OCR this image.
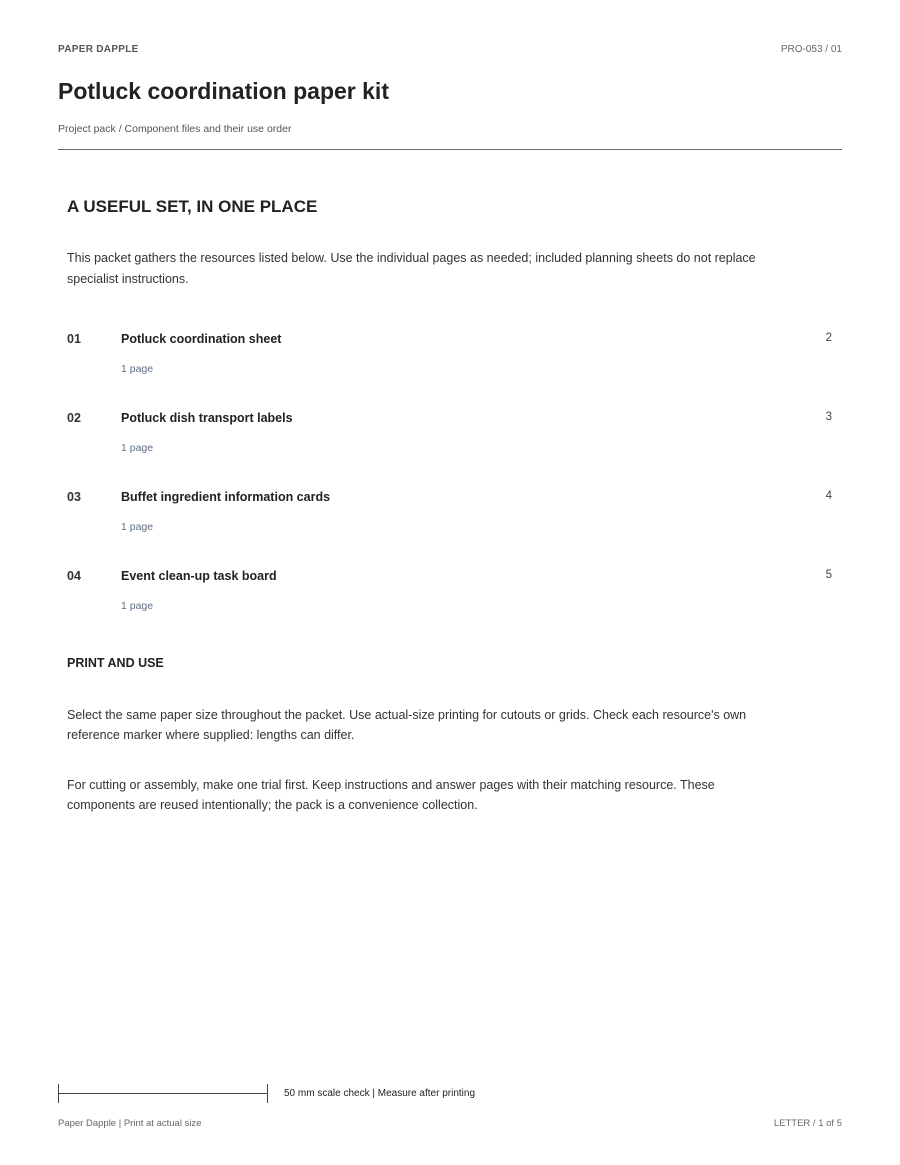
PAPER DAPPLE	PRO-053 / 01
Potluck coordination paper kit
Project pack / Component files and their use order
A USEFUL SET, IN ONE PLACE

This packet gathers the resources listed below. Use the individual pages as needed; included planning sheets do not replace specialist instructions.

01	Potluck coordination sheet	2
1 page
02	Potluck dish transport labels	3
1 page
03	Buffet ingredient information cards	4
1 page
04	Event clean-up task board	5
1 page
PRINT AND USE

Select the same paper size throughout the packet. Use actual-size printing for cutouts or grids. Check each resource's own reference marker where supplied: lengths can differ.

For cutting or assembly, make one trial first. Keep instructions and answer pages with their matching resource. These components are reused intentionally; the pack is a convenience collection.

50 mm scale check | Measure after printing
Paper Dapple | Print at actual size	LETTER / 1 of 5
